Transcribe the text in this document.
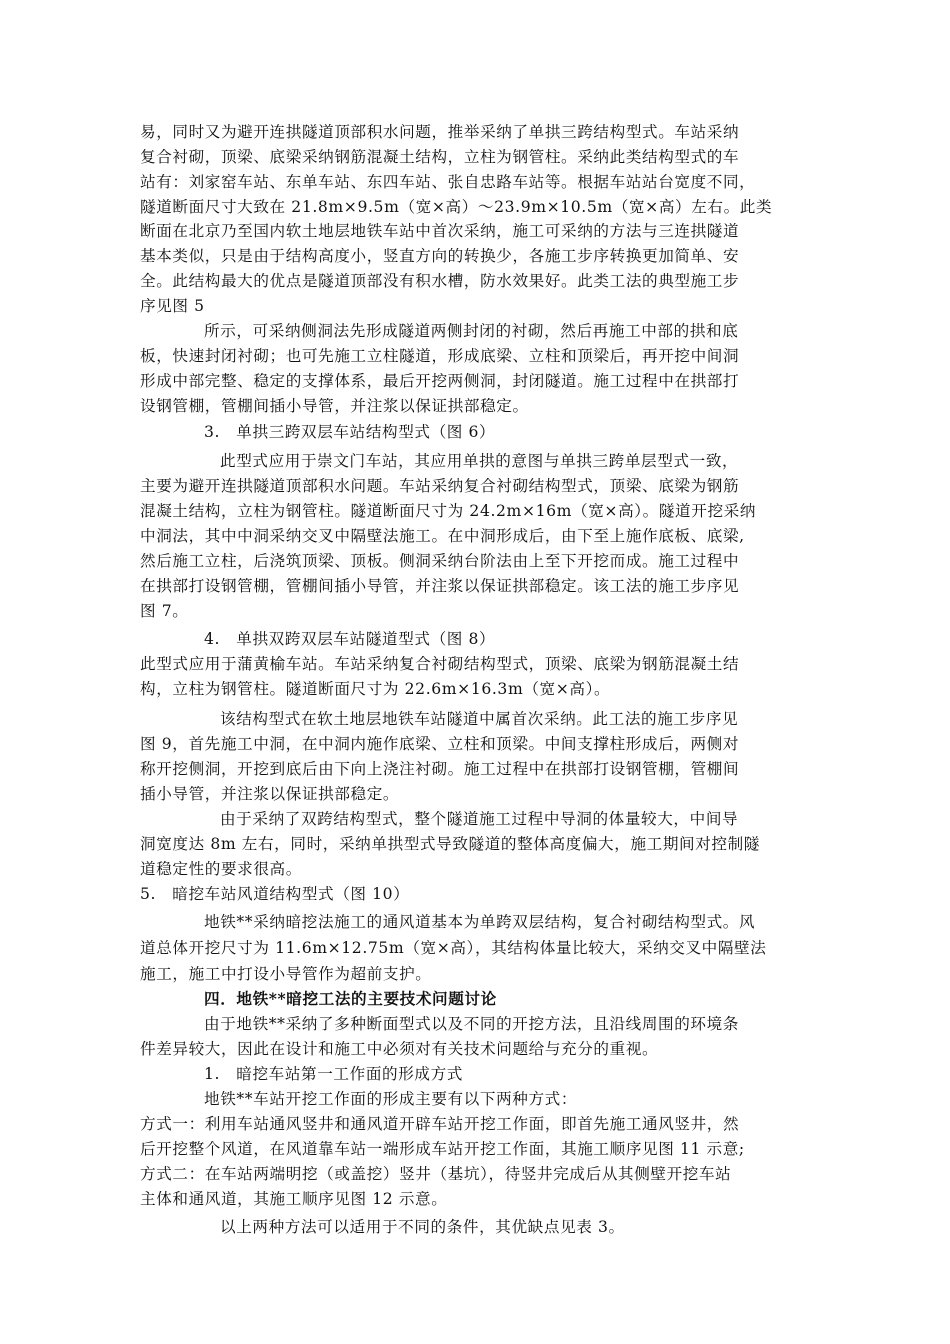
易，同时又为避开连拱隧道顶部积水问题，推举采纳了单拱三跨结构型式。车站采纳
复合衬砌，顶梁、底梁采纳钢筋混凝土结构，立柱为钢管柱。采纳此类结构型式的车
站有：刘家窑车站、东单车站、东四车站、张自忠路车站等。根据车站站台宽度不同，
隧道断面尺寸大致在 21.8m×9.5m（宽×高）～23.9m×10.5m（宽×高）左右。此类
断面在北京乃至国内软土地层地铁车站中首次采纳，施工可采纳的方法与三连拱隧道
基本类似，只是由于结构高度小，竖直方向的转换少，各施工步序转换更加简单、安
全。此结构最大的优点是隧道顶部没有积水槽，防水效果好。此类工法的典型施工步
序见图 5
所示，可采纳侧洞法先形成隧道两侧封闭的衬砌，然后再施工中部的拱和底
板，快速封闭衬砌；也可先施工立柱隧道，形成底梁、立柱和顶梁后，再开挖中间洞
形成中部完整、稳定的支撑体系，最后开挖两侧洞，封闭隧道。施工过程中在拱部打
设钢管棚，管棚间插小导管，并注浆以保证拱部稳定。
3.　单拱三跨双层车站结构型式（图 6）
此型式应用于崇文门车站，其应用单拱的意图与单拱三跨单层型式一致，
主要为避开连拱隧道顶部积水问题。车站采纳复合衬砌结构型式，顶梁、底梁为钢筋
混凝土结构，立柱为钢管柱。隧道断面尺寸为 24.2m×16m（宽×高）。隧道开挖采纳
中洞法，其中中洞采纳交叉中隔壁法施工。在中洞形成后，由下至上施作底板、底梁,
然后施工立柱，后浇筑顶梁、顶板。侧洞采纳台阶法由上至下开挖而成。施工过程中
在拱部打设钢管棚，管棚间插小导管，并注浆以保证拱部稳定。该工法的施工步序见
图 7。
4.　单拱双跨双层车站隧道型式（图 8）
此型式应用于蒲黄榆车站。车站采纳复合衬砌结构型式，顶梁、底梁为钢筋混凝土结
构，立柱为钢管柱。隧道断面尺寸为 22.6m×16.3m（宽×高）。
该结构型式在软土地层地铁车站隧道中属首次采纳。此工法的施工步序见
图 9，首先施工中洞，在中洞内施作底梁、立柱和顶梁。中间支撑柱形成后，两侧对
称开挖侧洞，开挖到底后由下向上浇注衬砌。施工过程中在拱部打设钢管棚，管棚间
插小导管，并注浆以保证拱部稳定。
由于采纳了双跨结构型式，整个隧道施工过程中导洞的体量较大，中间导
洞宽度达 8m 左右，同时，采纳单拱型式导致隧道的整体高度偏大，施工期间对控制隧
道稳定性的要求很高。
5.　暗挖车站风道结构型式（图 10）
地铁**采纳暗挖法施工的通风道基本为单跨双层结构，复合衬砌结构型式。风
道总体开挖尺寸为 11.6m×12.75m（宽×高），其结构体量比较大，采纳交叉中隔壁法
施工，施工中打设小导管作为超前支护。
四．地铁**暗挖工法的主要技术问题讨论
由于地铁**采纳了多种断面型式以及不同的开挖方法，且沿线周围的环境条
件差异较大，因此在设计和施工中必须对有关技术问题给与充分的重视。
1.　暗挖车站第一工作面的形成方式
地铁**车站开挖工作面的形成主要有以下两种方式：
方式一：利用车站通风竖井和通风道开辟车站开挖工作面，即首先施工通风竖井，然
后开挖整个风道，在风道靠车站一端形成车站开挖工作面，其施工顺序见图 11 示意;
方式二：在车站两端明挖（或盖挖）竖井（基坑），待竖井完成后从其侧壁开挖车站
主体和通风道，其施工顺序见图 12 示意。
以上两种方法可以适用于不同的条件，其优缺点见表 3。
